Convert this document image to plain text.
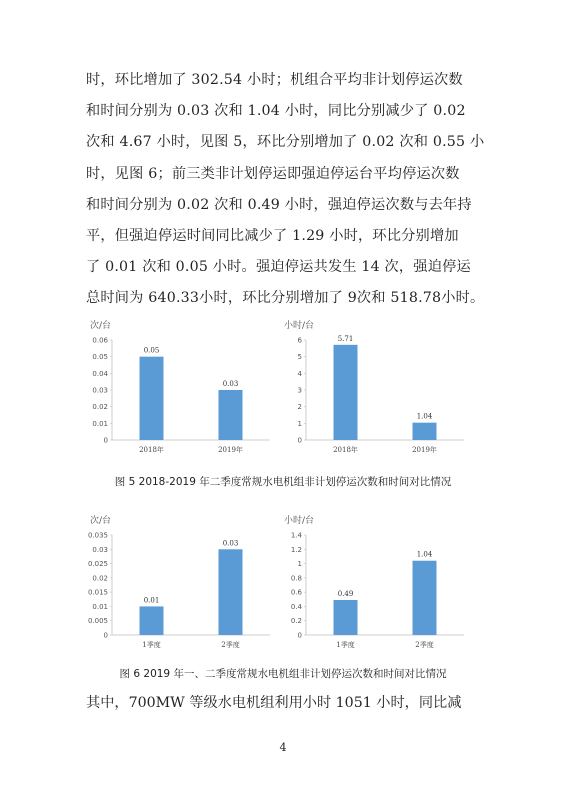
时，环比增加了 302.54 小时；机组合平均非计划停运次数

和时间分别为 0.03 次和 1.04 小时，同比分别减少了 0.02

次和 4.67 小时，见图 5，环比分别增加了 0.02 次和 0.55 小

时，见图 6；前三类非计划停运即强迫停运台平均停运次数

和时间分别为 0.02 次和 0.49 小时，强迫停运次数与去年持

平，但强迫停运时间同比减少了 1.29 小时，环比分别增加

了 0.01 次和 0.05 小时。强迫停运共发生 14 次，强迫停运

总时间为 640.33小时，环比分别增加了 9次和 518.78小时。

次/台
0
0.01
0.02
0.03
0.04
0.05
0.06
0.05
2018年
0.03
2019年
小时/台
0
1
2
3
4
5
6	5.71
2018年
1.04
2019年
图 5 2018-2019 年二季度常规水电机组非计划停运次数和时间对比情况
次/台
0
0.005
0.01
0.015
0.02
0.025
0.03
0.035
0.01
1季度
0.03
2季度
小时/台
0
0.2
0.4
0.6
0.8
1
1.2
1.4
0.49
1季度
1.04
2季度
图 6 2019 年一、二季度常规水电机组非计划停运次数和时间对比情况
其中，700MW 等级水电机组利用小时 1051 小时，同比减
4
